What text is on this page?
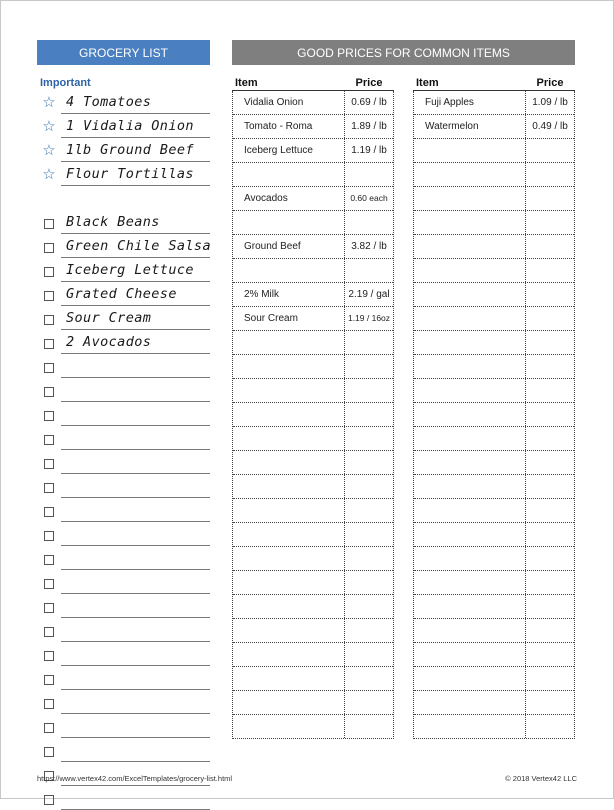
GROCERY LIST	GOOD PRICES FOR COMMON ITEMS
Important
☆ 4 Tomatoes
☆ 1 Vidalia Onion
☆ 1lb Ground Beef
☆ Flour Tortillas
Black Beans
Green Chile Salsa
Iceberg Lettuce
Grated Cheese
Sour Cream
2 Avocados
Item	Price
Vidalia Onion	0.69 / lb
Tomato - Roma	1.89 / lb
Iceberg Lettuce	1.19 / lb
Avocados	0.60 each
Ground Beef	3.82 / lb
2% Milk	2.19 / gal
Sour Cream	1.19 / 16oz
Item	Price
Fuji Apples	1.09 / lb
Watermelon	0.49 / lb
https://www.vertex42.com/ExcelTemplates/grocery-list.html	© 2018 Vertex42 LLC
